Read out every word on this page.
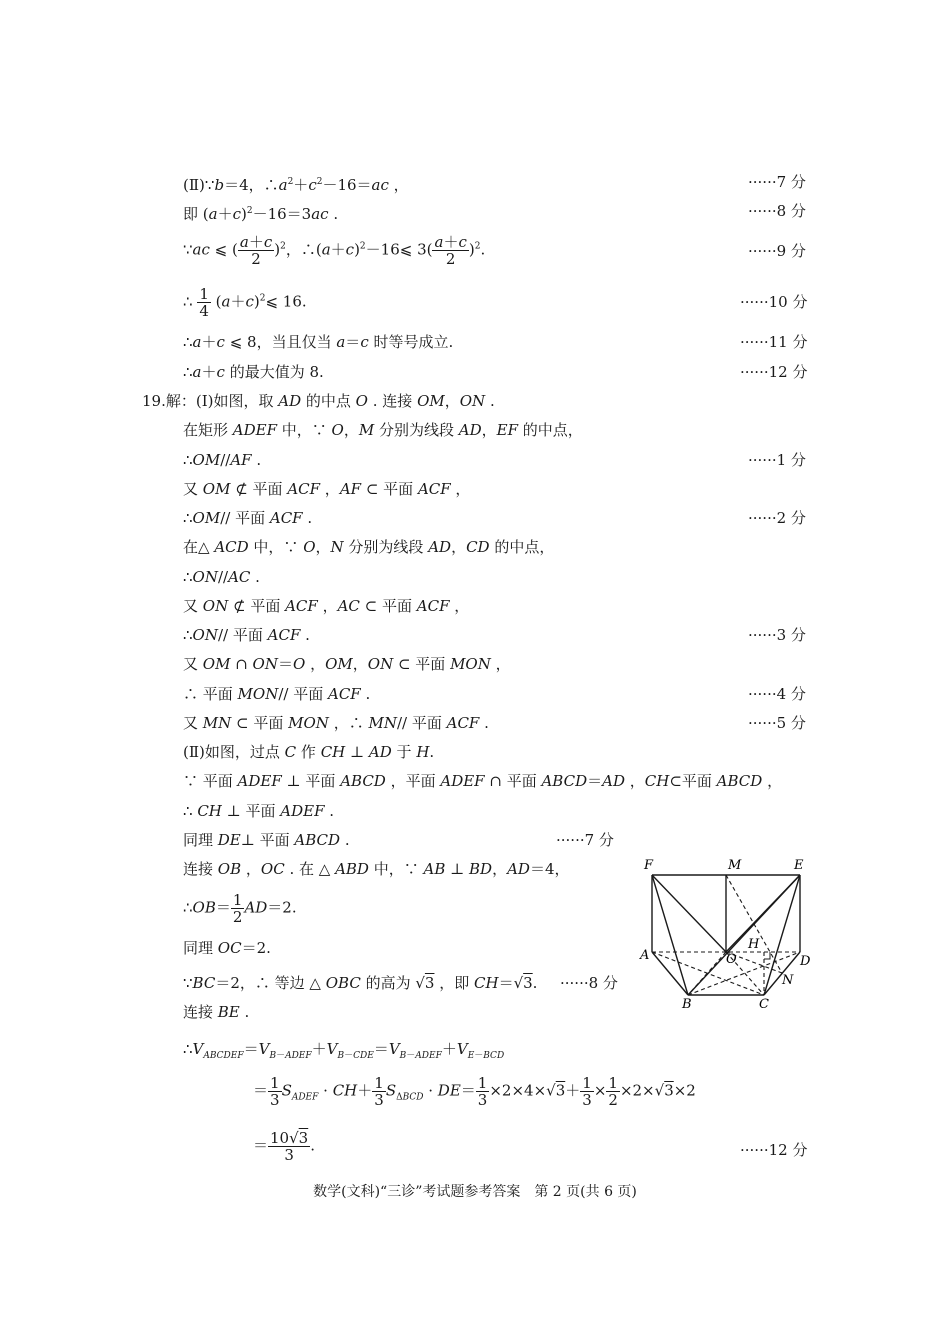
(Ⅱ)∵b＝4，$\therefore a^2+c^2-16=ac$ ，	······7 分
即 $(a+c)^2-16=3ac$ .	······8 分
∵ac ⩽ ( $\frac{a+c}{2} )^2$，$\therefore(a+c)^2-16⩽$ $3( \frac{a+c}{2} )^2$.	······9 分
∴ $\frac{1}{4}$ $(a+c)^2⩽$ 16.	······10 分
∴a＋c ⩽ 8，当且仅当 a＝c 时等号成立.	······11 分
∴a＋c 的最大值为 8.	······12 分
19.解：(Ⅰ)如图，取 AD 的中点 O . 连接 OM，ON .
在矩形 ADEF 中，∵ O，M 分别为线段 AD，EF 的中点，
∴OM//AF .	······1 分
又 OM ⊄ 平面 ACF ，AF ⊂ 平面 ACF ，
∴OM// 平面 ACF .	······2 分
在△ ACD 中，∵ O，N 分别为线段 AD，CD 的中点，
∴ON//AC .
又 ON ⊄ 平面 ACF ，AC ⊂ 平面 ACF ，
∴ON// 平面 ACF .	······3 分
又 OM ∩ ON＝O ，OM，ON ⊂ 平面 MON ，
∴ 平面 MON// 平面 ACF .	······4 分
又 MN ⊂ 平面 MON ，∴ MN// 平面 ACF .	······5 分
(Ⅱ)如图，过点 C 作 CH ⊥ AD 于 H.
∵ 平面 ADEF ⊥ 平面 ABCD ，平面 ADEF ∩ 平面 ABCD＝AD ，CH⊂平面 ABCD ，
∴ CH ⊥ 平面 ADEF .
同理 DE⊥ 平面 ABCD .	······7 分
连接 OB ，OC . 在 △ ABD 中，∵ AB ⊥ BD，AD＝4，
∴OB＝ $\frac{1}{2} AD=2$.
同理 OC＝2.
∵BC＝2，∴ 等边 △ OBC 的高为 √3 ，即 CH＝√3. ······8 分
连接 BE .
$\therefore V_{ABCDEF}=V_{B-ADEF}+V_{B-CDE}=V_{B-ADEF}+V_{E-BCD}$
＝ $\frac{1}{3} S_{ADEF} \cdot CH+ \frac{1}{3} S_{\Delta BCD} \cdot DE= \frac{1}{3} \times 2\times 4\times√3+ \frac{1}{3} \times \frac{1}{2} \times 2\times√3\times 2$
＝ $\frac{10√3}{3}$ .	······12 分
F	M	E
A	O
H
D
N
B	C
数学(文科)“三诊”考试题参考答案　第 2 页(共 6 页)
